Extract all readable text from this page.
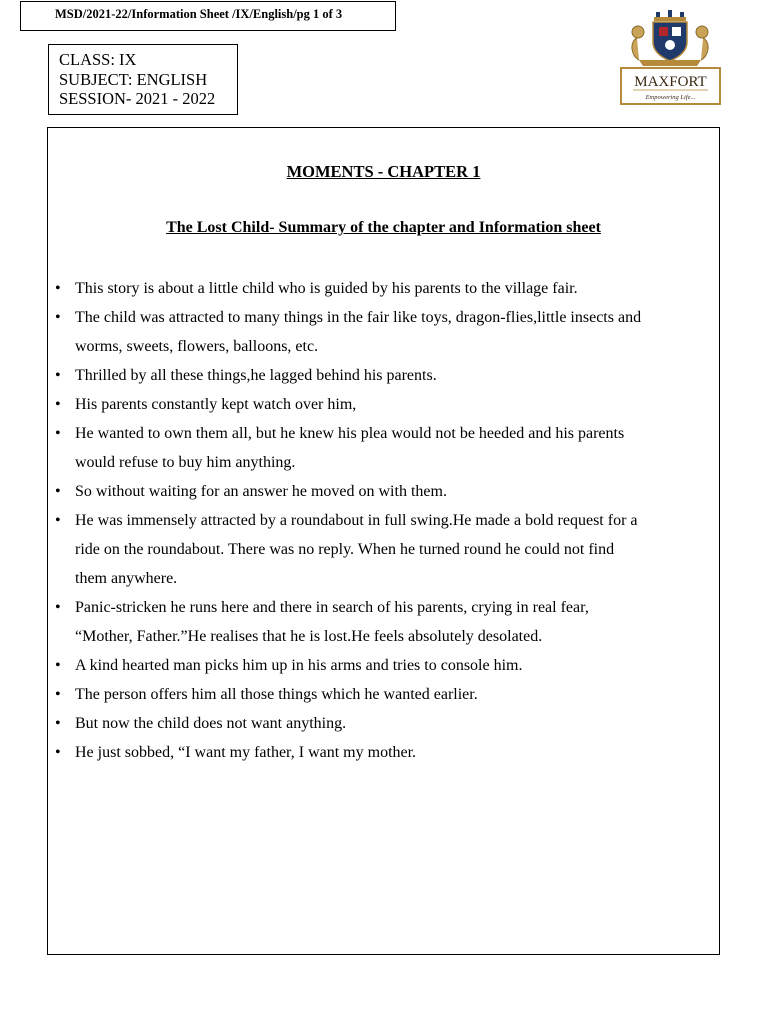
MSD/2021-22/Information Sheet /IX/English/pg 1 of 3
CLASS: IX
SUBJECT: ENGLISH
SESSION- 2021 - 2022
MAXFORT
Empowering Life...

MOMENTS - CHAPTER 1

The Lost Child- Summary of the chapter and Information sheet

• This story is about a little child who is guided by his parents to the village fair.
• The child was attracted to many things in the fair like toys, dragon-flies,little insects and
worms, sweets, flowers, balloons, etc.
• Thrilled by all these things,he lagged behind his parents.
• His parents constantly kept watch over him,
• He wanted to own them all, but he knew his plea would not be heeded and his parents
would refuse to buy him anything.
• So without waiting for an answer he moved on with them.
• He was immensely attracted by a roundabout in full swing.He made a bold request for a
ride on the roundabout. There was no reply. When he turned round he could not find
them anywhere.
• Panic-stricken he runs here and there in search of his parents, crying in real fear,
“Mother, Father.”He realises that he is lost.He feels absolutely desolated.
• A kind hearted man picks him up in his arms and tries to console him.
• The person offers him all those things which he wanted earlier.
• But now the child does not want anything.
• He just sobbed, “I want my father, I want my mother.
